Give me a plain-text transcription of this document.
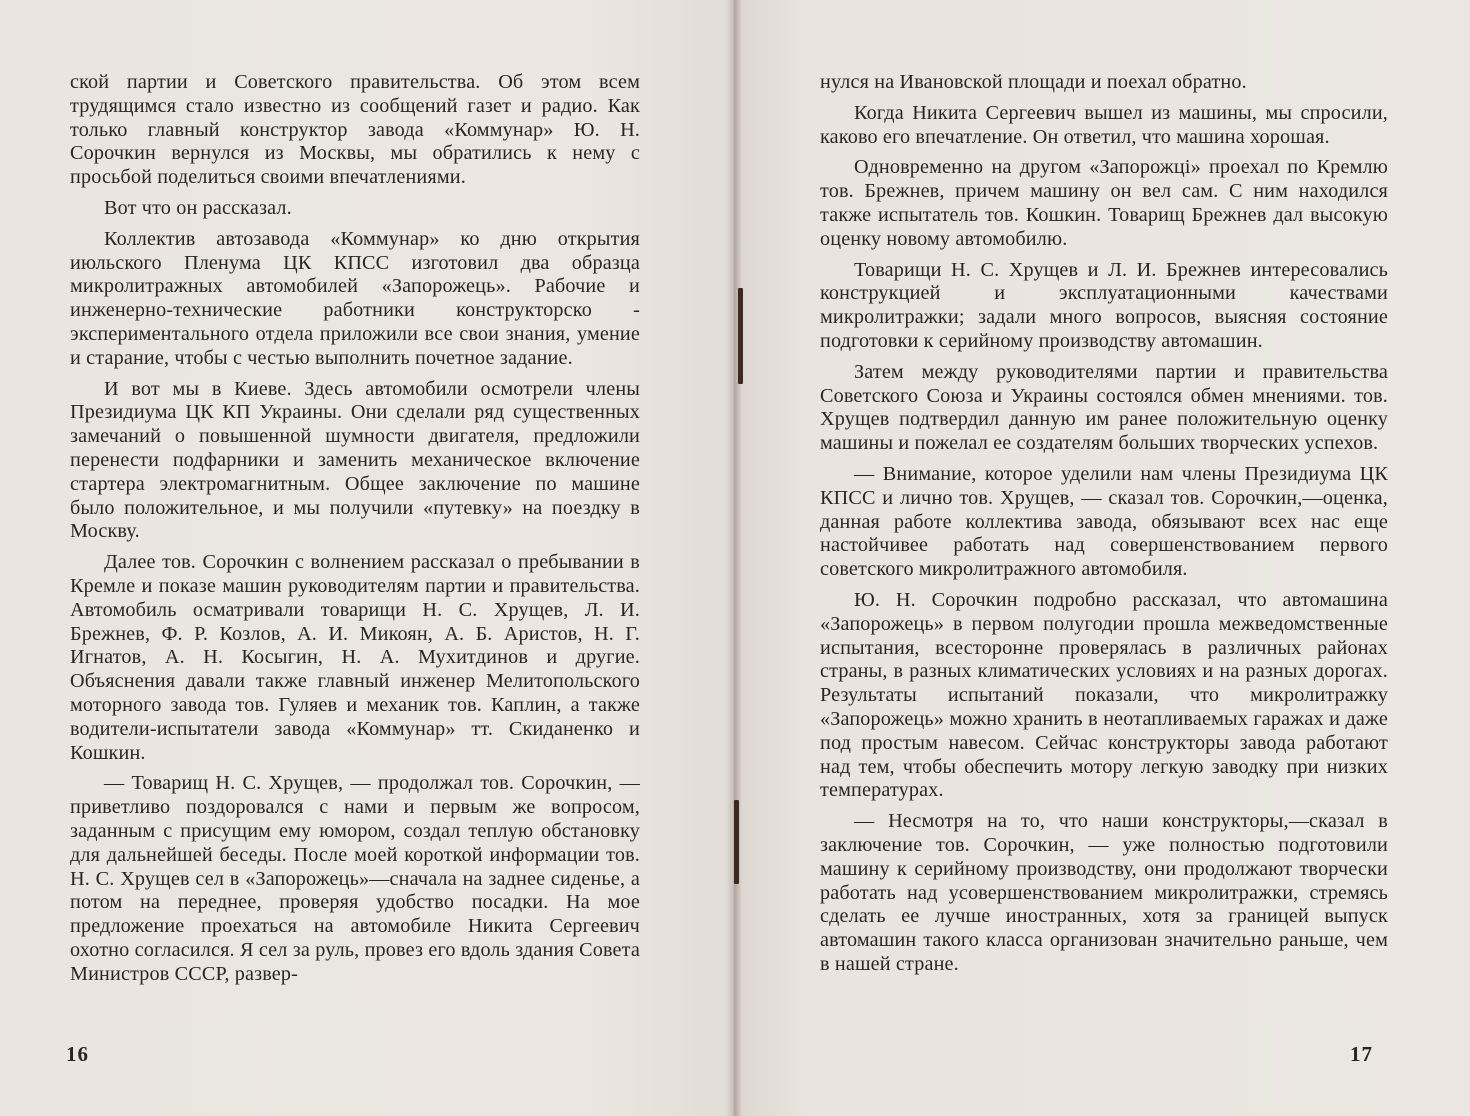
ской партии и Советского правительства. Об этом всем трудящимся стало известно из сообщений газет и радио. Как только главный конструктор завода «Коммунар» Ю. Н. Сорочкин вернулся из Москвы, мы обратились к нему с просьбой поделиться своими впечатлениями.

Вот что он рассказал.

Коллектив автозавода «Коммунар» ко дню открытия июльского Пленума ЦК КПСС изготовил два образца микролитражных автомобилей «Запорожець». Рабочие и инженерно-технические работники конструкторско - экспериментального отдела приложили все свои знания, умение и старание, чтобы с честью выполнить почетное задание.

И вот мы в Киеве. Здесь автомобили осмотрели члены Президиума ЦК КП Украины. Они сделали ряд существенных замечаний о повышенной шумности двигателя, предложили перенести подфарники и заменить механическое включение стартера электромагнитным. Общее заключение по машине было положительное, и мы получили «путевку» на поездку в Москву.

Далее тов. Сорочкин с волнением рассказал о пребывании в Кремле и показе машин руководителям партии и правительства. Автомобиль осматривали товарищи Н. С. Хрущев, Л. И. Брежнев, Ф. Р. Козлов, А. И. Микоян, А. Б. Аристов, Н. Г. Игнатов, А. Н. Косыгин, Н. А. Мухитдинов и другие. Объяснения давали также главный инженер Мелитопольского моторного завода тов. Гуляев и механик тов. Каплин, а также водители-испытатели завода «Коммунар» тт. Скиданенко и Кошкин.

— Товарищ Н. С. Хрущев, — продолжал тов. Сорочкин, — приветливо поздоровался с нами и первым же вопросом, заданным с присущим ему юмором, создал теплую обстановку для дальнейшей беседы. После моей короткой информации тов. Н. С. Хрущев сел в «Запорожець»—сначала на заднее сиденье, а потом на переднее, проверяя удобство посадки. На мое предложение проехаться на автомобиле Никита Сергеевич охотно согласился. Я сел за руль, провез его вдоль здания Совета Министров СССР, развер-

16

нулся на Ивановской площади и поехал обратно.

Когда Никита Сергеевич вышел из машины, мы спросили, каково его впечатление. Он ответил, что машина хорошая.

Одновременно на другом «Запорожці» проехал по Кремлю тов. Брежнев, причем машину он вел сам. С ним находился также испытатель тов. Кошкин. Товарищ Брежнев дал высокую оценку новому автомобилю.

Товарищи Н. С. Хрущев и Л. И. Брежнев интересовались конструкцией и эксплуатационными качествами микролитражки; задали много вопросов, выясняя состояние подготовки к серийному производству автомашин.

Затем между руководителями партии и правительства Советского Союза и Украины состоялся обмен мнениями. тов. Хрущев подтвердил данную им ранее положительную оценку машины и пожелал ее создателям больших творческих успехов.

— Внимание, которое уделили нам члены Президиума ЦК КПСС и лично тов. Хрущев, — сказал тов. Сорочкин,—оценка, данная работе коллектива завода, обязывают всех нас еще настойчивее работать над совершенствованием первого советского микролитражного автомобиля.

Ю. Н. Сорочкин подробно рассказал, что автомашина «Запорожець» в первом полугодии прошла межведомственные испытания, всесторонне проверялась в различных районах страны, в разных климатических условиях и на разных дорогах. Результаты испытаний показали, что микролитражку «Запорожець» можно хранить в неотапливаемых гаражах и даже под простым навесом. Сейчас конструкторы завода работают над тем, чтобы обеспечить мотору легкую заводку при низких температурах.

— Несмотря на то, что наши конструкторы,—сказал в заключение тов. Сорочкин, — уже полностью подготовили машину к серийному производству, они продолжают творчески работать над усовершенствованием микролитражки, стремясь сделать ее лучше иностранных, хотя за границей выпуск автомашин такого класса организован значительно раньше, чем в нашей стране.

17
